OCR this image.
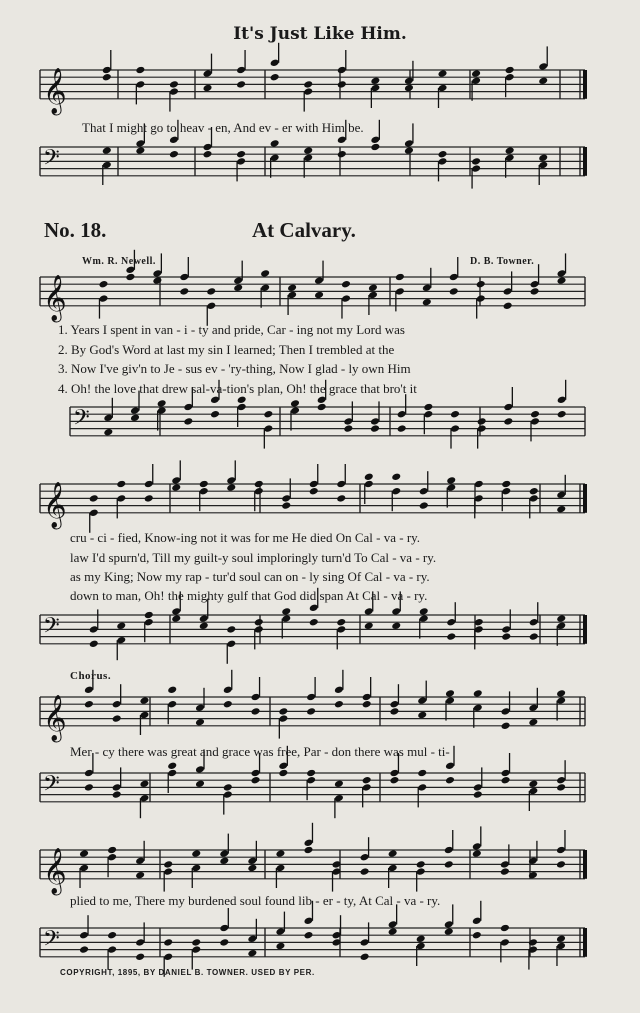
It's Just Like Him.
𝄞
𝄢
𝄞
𝄢
𝄞
𝄢
𝄞
𝄢
𝄞
𝄢
That I might go to heav - en, And ev - er with Him be.
No. 18.	At Calvary.
Wm. R. Newell.	D. B. Towner.
1. Years I spent in van - i - ty and pride, Car - ing not my Lord was
2. By God's Word at last my sin I learned; Then I trembled at the
3. Now I've giv'n to Je - sus ev - 'ry-thing, Now I glad - ly own Him
4. Oh! the love that drew sal-va-tion's plan, Oh! the grace that bro't it
cru - ci - fied, Know-ing not it was for me He died On Cal - va - ry.
law I'd spurn'd, Till my guilt-y soul imploringly turn'd To Cal - va - ry.
as my King; Now my rap - tur'd soul can on - ly sing Of Cal - va - ry.
down to man, Oh! the mighty gulf that God did span At Cal - va - ry.
Chorus.
Mer - cy there was great and grace was free, Par - don there was mul - ti-
plied to me, There my burdened soul found lib - er - ty, At Cal - va - ry.
COPYRIGHT, 1895, BY DANIEL B. TOWNER. USED BY PER.
